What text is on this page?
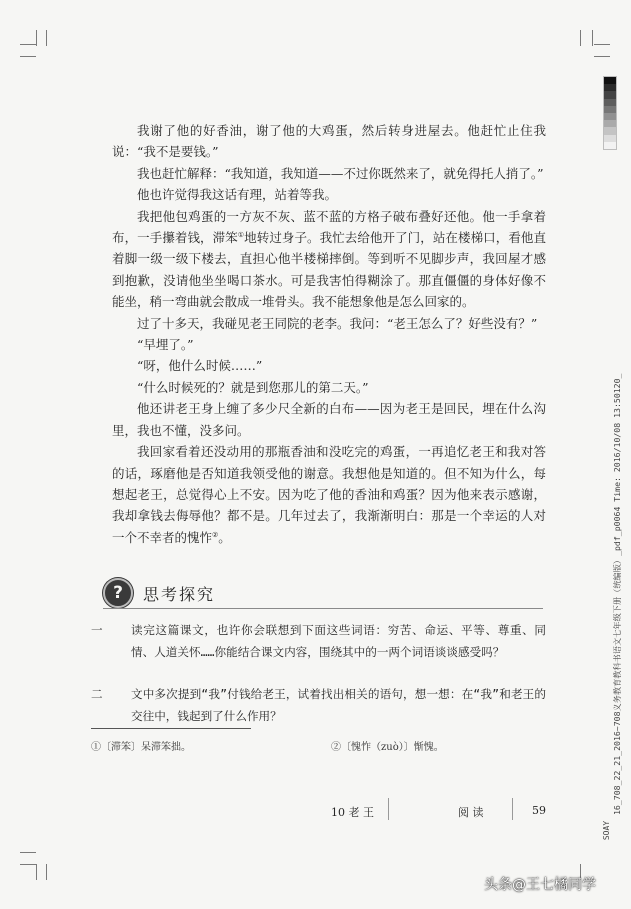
我谢了他的好香油，谢了他的大鸡蛋，然后转身进屋去。他赶忙止住我说：“我不是要钱。”

我也赶忙解释：“我知道，我知道——不过你既然来了，就免得托人捎了。”

他也许觉得我这话有理，站着等我。

我把他包鸡蛋的一方灰不灰、蓝不蓝的方格子破布叠好还他。他一手拿着布，一手攥着钱，滞笨①地转过身子。我忙去给他开了门，站在楼梯口，看他直着脚一级一级下楼去，直担心他半楼梯摔倒。等到听不见脚步声，我回屋才感到抱歉，没请他坐坐喝口茶水。可是我害怕得糊涂了。那直僵僵的身体好像不能坐，稍一弯曲就会散成一堆骨头。我不能想象他是怎么回家的。

过了十多天，我碰见老王同院的老李。我问：“老王怎么了？好些没有？”

“早埋了。”

“呀，他什么时候……”

“什么时候死的？就是到您那儿的第二天。”

他还讲老王身上缠了多少尺全新的白布——因为老王是回民，埋在什么沟里，我也不懂，没多问。

我回家看着还没动用的那瓶香油和没吃完的鸡蛋，一再追忆老王和我对答的话，琢磨他是否知道我领受他的谢意。我想他是知道的。但不知为什么，每想起老王，总觉得心上不安。因为吃了他的香油和鸡蛋？因为他来表示感谢，我却拿钱去侮辱他？都不是。几年过去了，我渐渐明白：那是一个幸运的人对一个不幸者的愧怍②。

?	思考探究
一	读完这篇课文，也许你会联想到下面这些词语：穷苦、命运、平等、尊重、同情、人道关怀……你能结合课文内容，围绕其中的一两个词语谈谈感受吗？
二	文中多次提到“我”付钱给老王，试着找出相关的语句，想一想：在“我”和老王的交往中，钱起到了什么作用？
①〔滞笨〕呆滞笨拙。	②〔愧怍（zuò）〕惭愧。
10 老 王	阅 读	59	16_708_22_21_2016~708义务教育教科书语文七年级下册（统编版）_pdf_p0064 Time: 2016/10/08 13:50120_
SOAY
头条@王七橘同学
